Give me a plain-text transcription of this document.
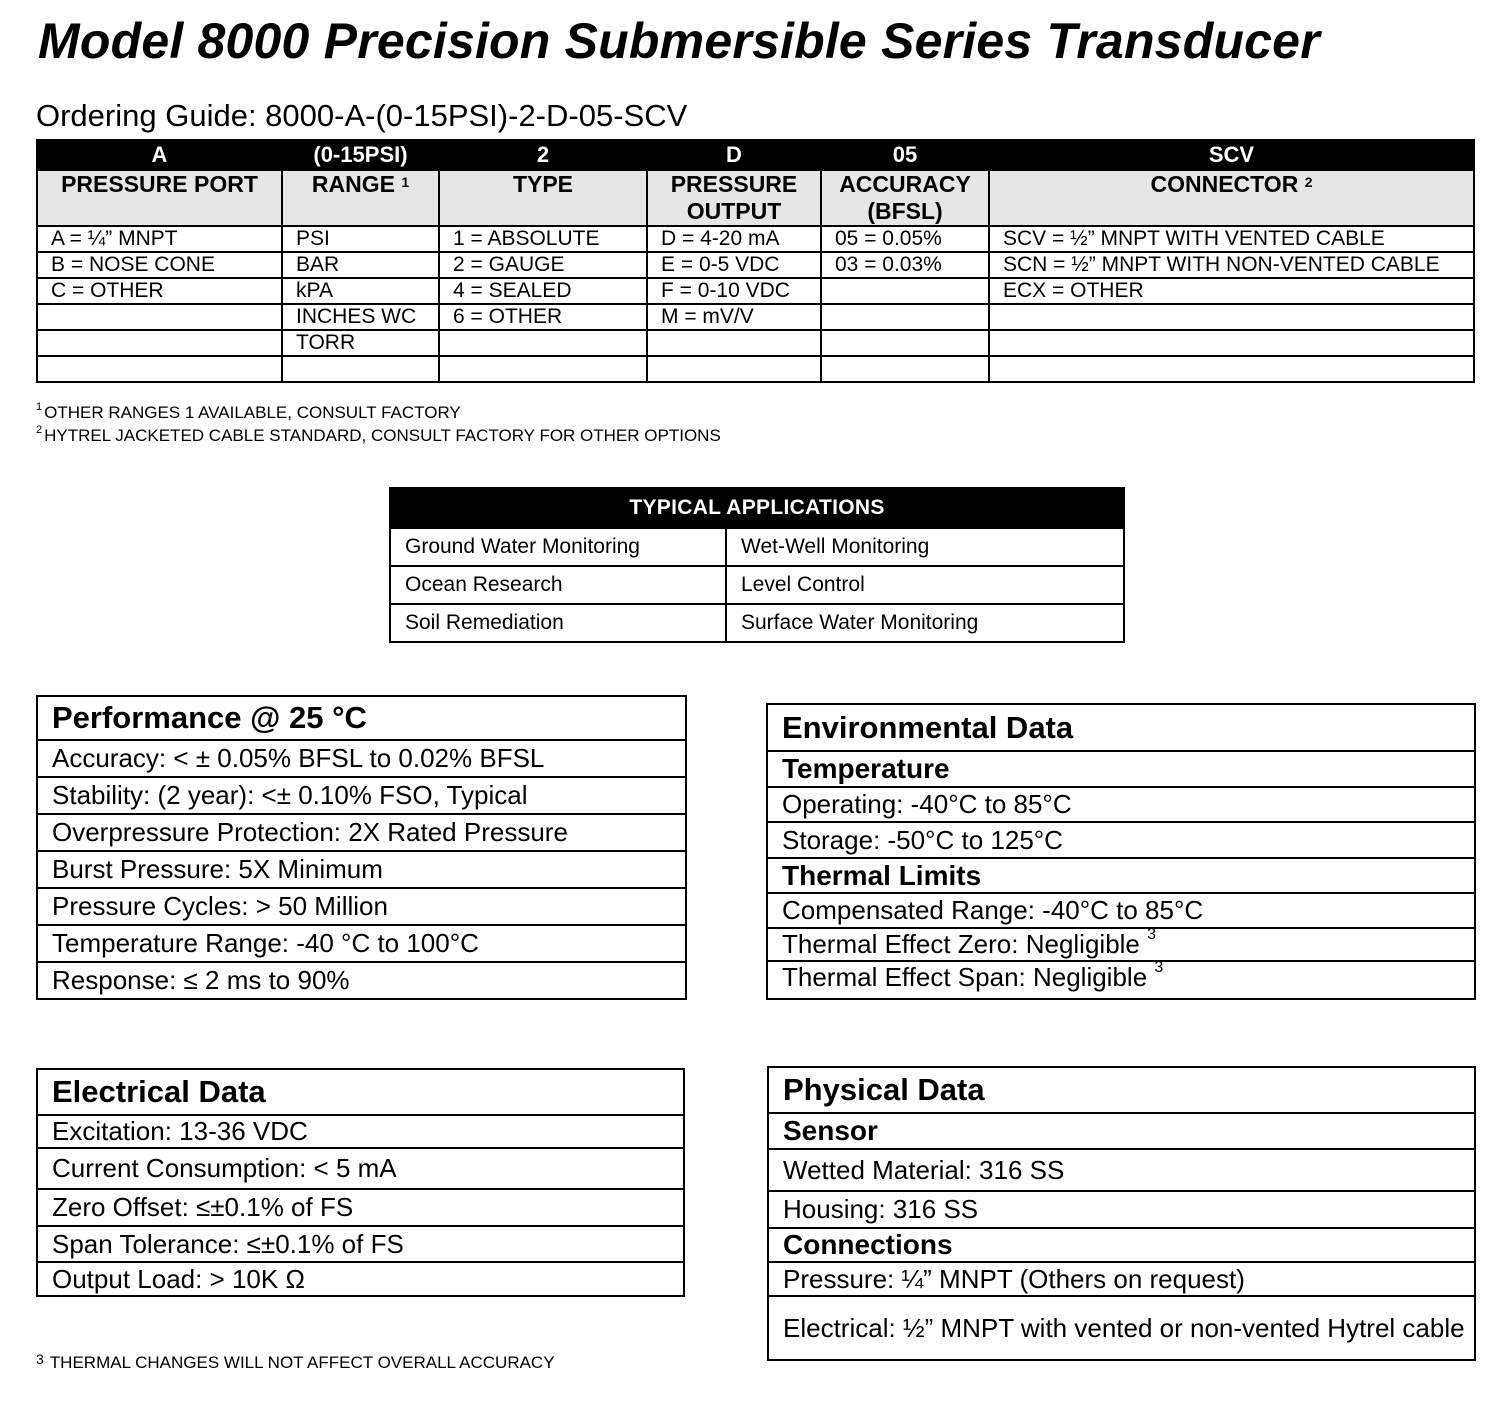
Model 8000 Precision Submersible Series Transducer
Ordering Guide: 8000-A-(0-15PSI)-2-D-05-SCV
A	(0-15PSI)	2	D	05	SCV
PRESSURE PORT	RANGE $^1$	TYPE	PRESSURE OUTPUT	ACCURACY (BFSL)	CONNECTOR $^2$
A = ¼” MNPT	PSI	1 = ABSOLUTE	D = 4-20 mA	05 = 0.05%	SCV = ½” MNPT WITH VENTED CABLE
B = NOSE CONE	BAR	2 = GAUGE	E = 0-5 VDC	03 = 0.03%	SCN = ½” MNPT WITH NON-VENTED CABLE
C = OTHER	kPA	4 = SEALED	F = 0-10 VDC		ECX = OTHER
	INCHES WC	6 = OTHER	M = mV/V		
	TORR				

$^1$ OTHER RANGES 1 AVAILABLE, CONSULT FACTORY
$^2$ HYTREL JACKETED CABLE STANDARD, CONSULT FACTORY FOR OTHER OPTIONS
TYPICAL APPLICATIONS	
Ground Water Monitoring	Wet-Well Monitoring
Ocean Research	Level Control
Soil Remediation	Surface Water Monitoring
Performance @ 25 °C
Accuracy: < ± 0.05% BFSL to 0.02% BFSL
Stability: (2 year): <± 0.10% FSO, Typical
Overpressure Protection: 2X Rated Pressure
Burst Pressure: 5X Minimum
Pressure Cycles: > 50 Million
Temperature Range: -40 °C to 100°C
Response: ≤ 2 ms to 90%
Environmental Data
Temperature
Operating: -40°C to 85°C
Storage: -50°C to 125°C
Thermal Limits
Compensated Range: -40°C to 85°C
Thermal Effect Zero: Negligible $^3$
Thermal Effect Span: Negligible $^3$
Electrical Data
Excitation: 13-36 VDC
Current Consumption: < 5 mA
Zero Offset: ≤±0.1% of FS
Span Tolerance: ≤±0.1% of FS
Output Load: > 10K Ω
Physical Data
Sensor
Wetted Material: 316 SS
Housing: 316 SS
Connections
Pressure: ¼” MNPT (Others on request)
Electrical: ½” MNPT with vented or non-vented Hytrel cable
$^3$ THERMAL CHANGES WILL NOT AFFECT OVERALL ACCURACY
